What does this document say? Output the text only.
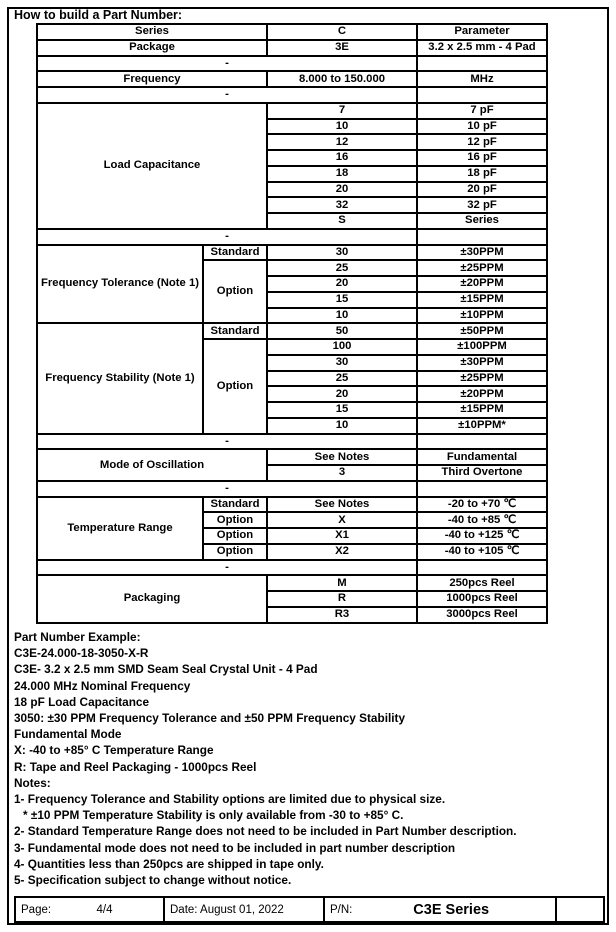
How to build a Part Number:
Series		C	Parameter
Package		3E	3.2 x 2.5 mm - 4 Pad
-			
Frequency		8.000 to 150.000	MHz
-			
Load Capacitance		7	7 pF
		10	10 pF
		12	12 pF
		16	16 pF
		18	18 pF
		20	20 pF
		32	32 pF
		S	Series
-			
Frequency Tolerance (Note 1)	Standard	30	±30PPM
	Option	25	±25PPM
		20	±20PPM
		15	±15PPM
		10	±10PPM
Frequency Stability (Note 1)	Standard	50	±50PPM
	Option	100	±100PPM
		30	±30PPM
		25	±25PPM
		20	±20PPM
		15	±15PPM
		10	±10PPM*
-			
Mode of Oscillation		See Notes	Fundamental
		3	Third Overtone
-			
Temperature Range	Standard	See Notes	-20 to +70 ℃
	Option	X	-40 to +85 ℃
	Option	X1	-40 to +125 ℃
	Option	X2	-40 to +105 ℃
-			
Packaging		M	250pcs Reel
		R	1000pcs Reel
		R3	3000pcs Reel
Part Number Example:
C3E-24.000-18-3050-X-R
C3E- 3.2 x 2.5 mm SMD Seam Seal Crystal Unit - 4 Pad
24.000 MHz Nominal Frequency
18 pF Load Capacitance
3050: ±30 PPM Frequency Tolerance and ±50 PPM Frequency Stability
Fundamental Mode
X: -40 to +85° C Temperature Range
R: Tape and Reel Packaging - 1000pcs Reel
Notes:
1- Frequency Tolerance and Stability options are limited due to physical size.
* ±10 PPM Temperature Stability is only available from -30 to +85° C.
2- Standard Temperature Range does not need to be included in Part Number description.
3- Fundamental mode does not need to be included in part number description
4- Quantities less than 250pcs are shipped in tape only.
5- Specification subject to change without notice.
Page:	4/4	Date: August 01, 2022	P/N:	C3E Series
